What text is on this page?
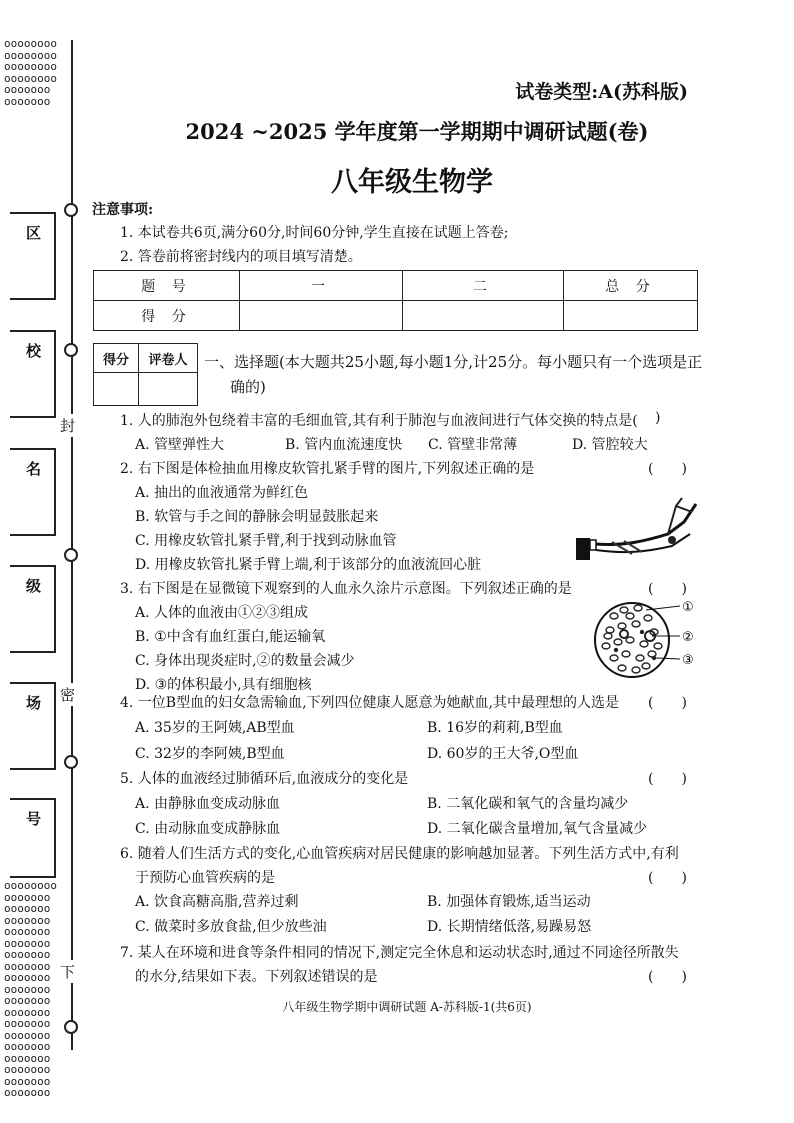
oooooooo
oooooooo
oooooooo
oooooooo
ooooooo
ooooooo
oooooooo
ooooooo
ooooooo
ooooooo
ooooooo
ooooooo
ooooooo
ooooooo
ooooooo
ooooooo
ooooooo
ooooooo
ooooooo
ooooooo
ooooooo
ooooooo
ooooooo
ooooooo
ooooooo
封
密
下
区
校
名
级
场
号
试卷类型:A(苏科版)
2024 ~2025 学年度第一学期期中调研试题(卷)
八年级生物学
注意事项:
1. 本试卷共6页,满分60分,时间60分钟,学生直接在试题上答卷;
2. 答卷前将密封线内的项目填写清楚。
题 号	一	二	总 分
得 分			
得分	评卷人
	一、选择题(本大题共25小题,每小题1分,计25分。每小题只有一个选项是正
确的)
1. 人的肺泡外包绕着丰富的毛细血管,其有利于肺泡与血液间进行气体交换的特点是( )
A. 管壁弹性大	B. 管内血流速度快 C. 管壁非常薄	D. 管腔较大
2. 右下图是体检抽血用橡皮软管扎紧手臂的图片,下列叙述正确的是	(　　)
A. 抽出的血液通常为鲜红色
B. 软管与手之间的静脉会明显鼓胀起来
C. 用橡皮软管扎紧手臂,利于找到动脉血管
D. 用橡皮软管扎紧手臂上端,利于该部分的血液流回心脏
3. 右下图是在显微镜下观察到的人血永久涂片示意图。下列叙述正确的是	(　　)
A. 人体的血液由①②③组成
B. ①中含有血红蛋白,能运输氧
C. 身体出现炎症时,②的数量会减少
D. ③的体积最小,具有细胞核
①
②
③
4. 一位B型血的妇女急需输血,下列四位健康人愿意为她献血,其中最理想的人选是 (　　)
A. 35岁的王阿姨,AB型血	B. 16岁的莉莉,B型血
C. 32岁的李阿姨,B型血	D. 60岁的王大爷,O型血
5. 人体的血液经过肺循环后,血液成分的变化是	(　　)
A. 由静脉血变成动脉血	B. 二氧化碳和氧气的含量均减少
C. 由动脉血变成静脉血	D. 二氧化碳含量增加,氧气含量减少
6. 随着人们生活方式的变化,心血管疾病对居民健康的影响越加显著。下列生活方式中,有利
于预防心血管疾病的是	(　　)
A. 饮食高糖高脂,营养过剩	B. 加强体育锻炼,适当运动
C. 做菜时多放食盐,但少放些油	D. 长期情绪低落,易躁易怒
7. 某人在环境和进食等条件相同的情况下,测定完全休息和运动状态时,通过不同途径所散失
的水分,结果如下表。下列叙述错误的是	(　　)
八年级生物学期中调研试题 A-苏科版-1(共6页)
